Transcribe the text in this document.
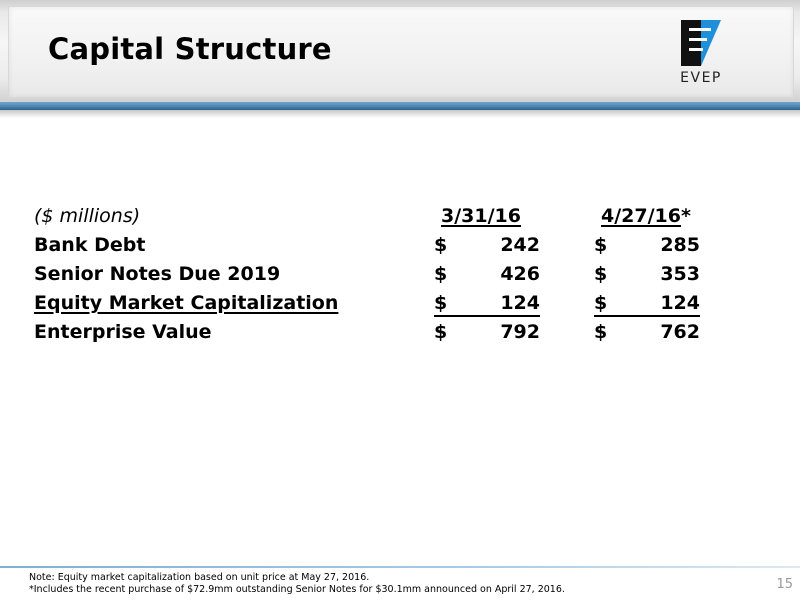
Capital Structure
EVEP
($ millions)	3/31/16	4/27/16*
Bank Debt	$	242	$	285
Senior Notes Due 2019	$	426	$	353
Equity Market Capitalization	$	124	$	124
Enterprise Value	$	792	$	762
Note: Equity market capitalization based on unit price at May 27, 2016.
*Includes the recent purchase of $72.9mm outstanding Senior Notes for $30.1mm announced on April 27, 2016.	15
